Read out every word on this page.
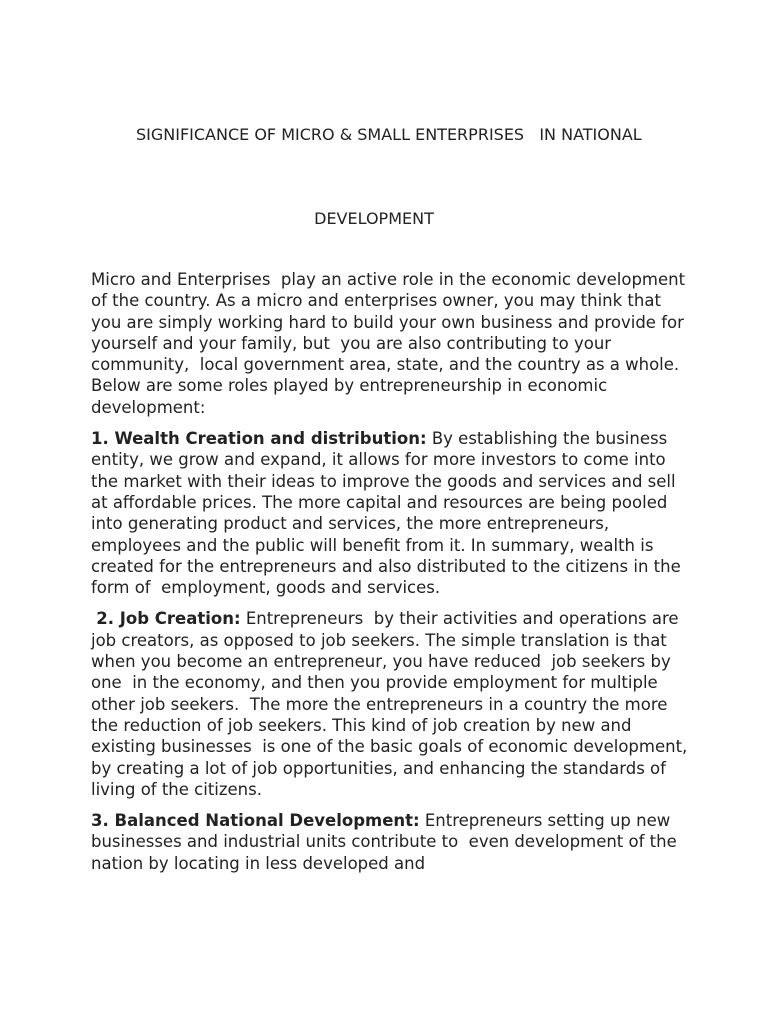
SIGNIFICANCE OF MICRO & SMALL ENTERPRISES   IN NATIONAL
DEVELOPMENT

Micro and Enterprises  play an active role in the economic development  of the country. As a micro and enterprises owner, you may think that you are simply working hard to build your own business and provide for yourself and your family, but  you are also contributing to your  community,  local government area, state, and the country as a whole.  Below are some roles played by entrepreneurship in economic development:

1. Wealth Creation and distribution: By establishing the business entity, we grow and expand, it allows for more investors to come into the market with their ideas to improve the goods and services and sell at affordable prices. The more capital and resources are being pooled into generating product and services, the more entrepreneurs, employees and the public will benefit from it. In summary, wealth is created for the entrepreneurs and also distributed to the citizens in the form of  employment, goods and services.

2. Job Creation: Entrepreneurs  by their activities and operations are job creators, as opposed to job seekers. The simple translation is that when you become an entrepreneur, you have reduced  job seekers by one  in the economy, and then you provide employment for multiple other job seekers.  The more the entrepreneurs in a country the more the reduction of job seekers. This kind of job creation by new and existing businesses  is one of the basic goals of economic development, by creating a lot of job opportunities, and enhancing the standards of living of the citizens.

3. Balanced National Development: Entrepreneurs setting up new businesses and industrial units contribute to  even development of the nation by locating in less developed and
